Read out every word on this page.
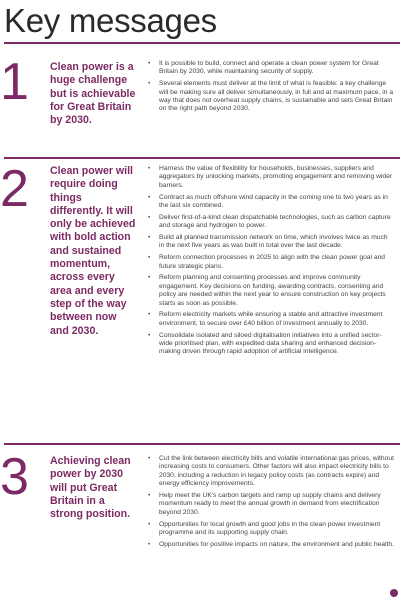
Key messages
1 Clean power is a huge challenge but is achievable for Great Britain by 2030.
• It is possible to build, connect and operate a clean power system for Great Britain by 2030, while maintaining security of supply.
• Several elements must deliver at the limit of what is feasible: a key challenge will be making sure all deliver simultaneously, in full and at maximum pace, in a way that does not overheat supply chains, is sustainable and sets Great Britain on the right path beyond 2030.
2 Clean power will require doing things differently. It will only be achieved with bold action and sustained momentum, across every area and every step of the way between now and 2030.
• Harness the value of flexibility for households, businesses, suppliers and aggregators by unlocking markets, promoting engagement and removing wider barriers.
• Contract as much offshore wind capacity in the coming one to two years as in the last six combined.
• Deliver first-of-a-kind clean dispatchable technologies, such as carbon capture and storage and hydrogen to power.
• Build all planned transmission network on time, which involves twice as much in the next five years as was built in total over the last decade.
• Reform connection processes in 2025 to align with the clean power goal and future strategic plans.
• Reform planning and consenting processes and improve community engagement. Key decisions on funding, awarding contracts, consenting and policy are needed within the next year to ensure construction on key projects starts as soon as possible.
• Reform electricity markets while ensuring a stable and attractive investment environment, to secure over £40 billion of investment annually to 2030.
• Consolidate isolated and siloed digitalisation initiatives into a unified sector-wide prioritised plan, with expedited data sharing and enhanced decision-making driven through rapid adoption of artificial intelligence.
3 Achieving clean power by 2030 will put Great Britain in a strong position.
• Cut the link between electricity bills and volatile international gas prices, without increasing costs to consumers. Other factors will also impact electricity bills to 2030, including a reduction in legacy policy costs (as contracts expire) and energy efficiency improvements.
• Help meet the UK's carbon targets and ramp up supply chains and delivery momentum ready to meet the annual growth in demand from electrification beyond 2030.
• Opportunities for local growth and good jobs in the clean power investment programme and its supporting supply chain.
• Opportunities for positive impacts on nature, the environment and public health.
